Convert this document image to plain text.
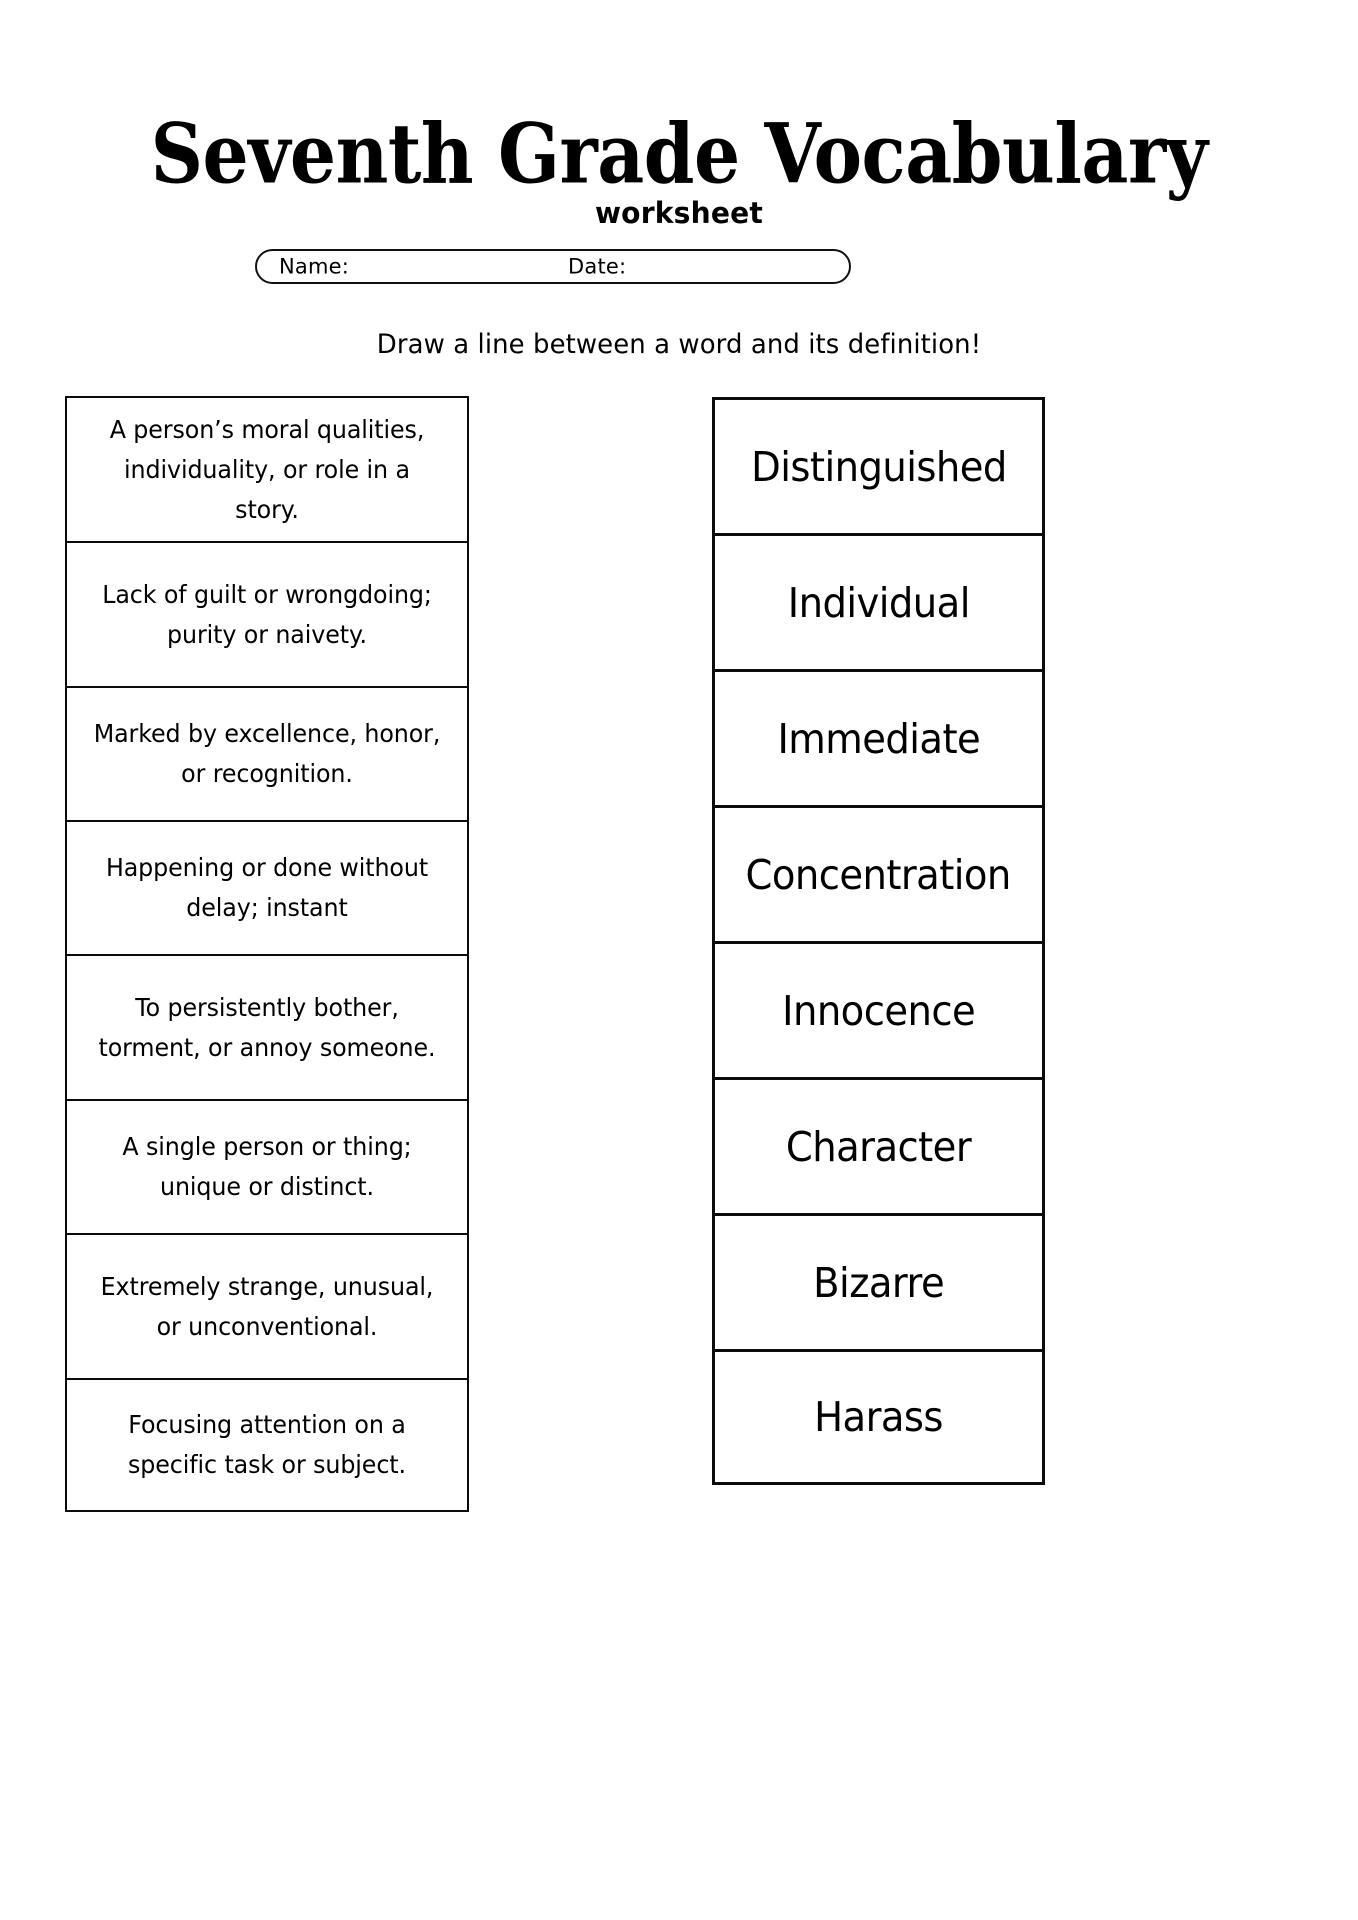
Seventh Grade Vocabulary
worksheet
Name:	Date:
Draw a line between a word and its definition!
A person’s moral qualities, individuality, or role in a story.
Lack of guilt or wrongdoing; purity or naivety.
Marked by excellence, honor, or recognition.
Happening or done without delay; instant
To persistently bother, torment, or annoy someone.
A single person or thing; unique or distinct.
Extremely strange, unusual, or unconventional.
Focusing attention on a specific task or subject.
Distinguished
Individual
Immediate
Concentration
Innocence
Character
Bizarre
Harass
